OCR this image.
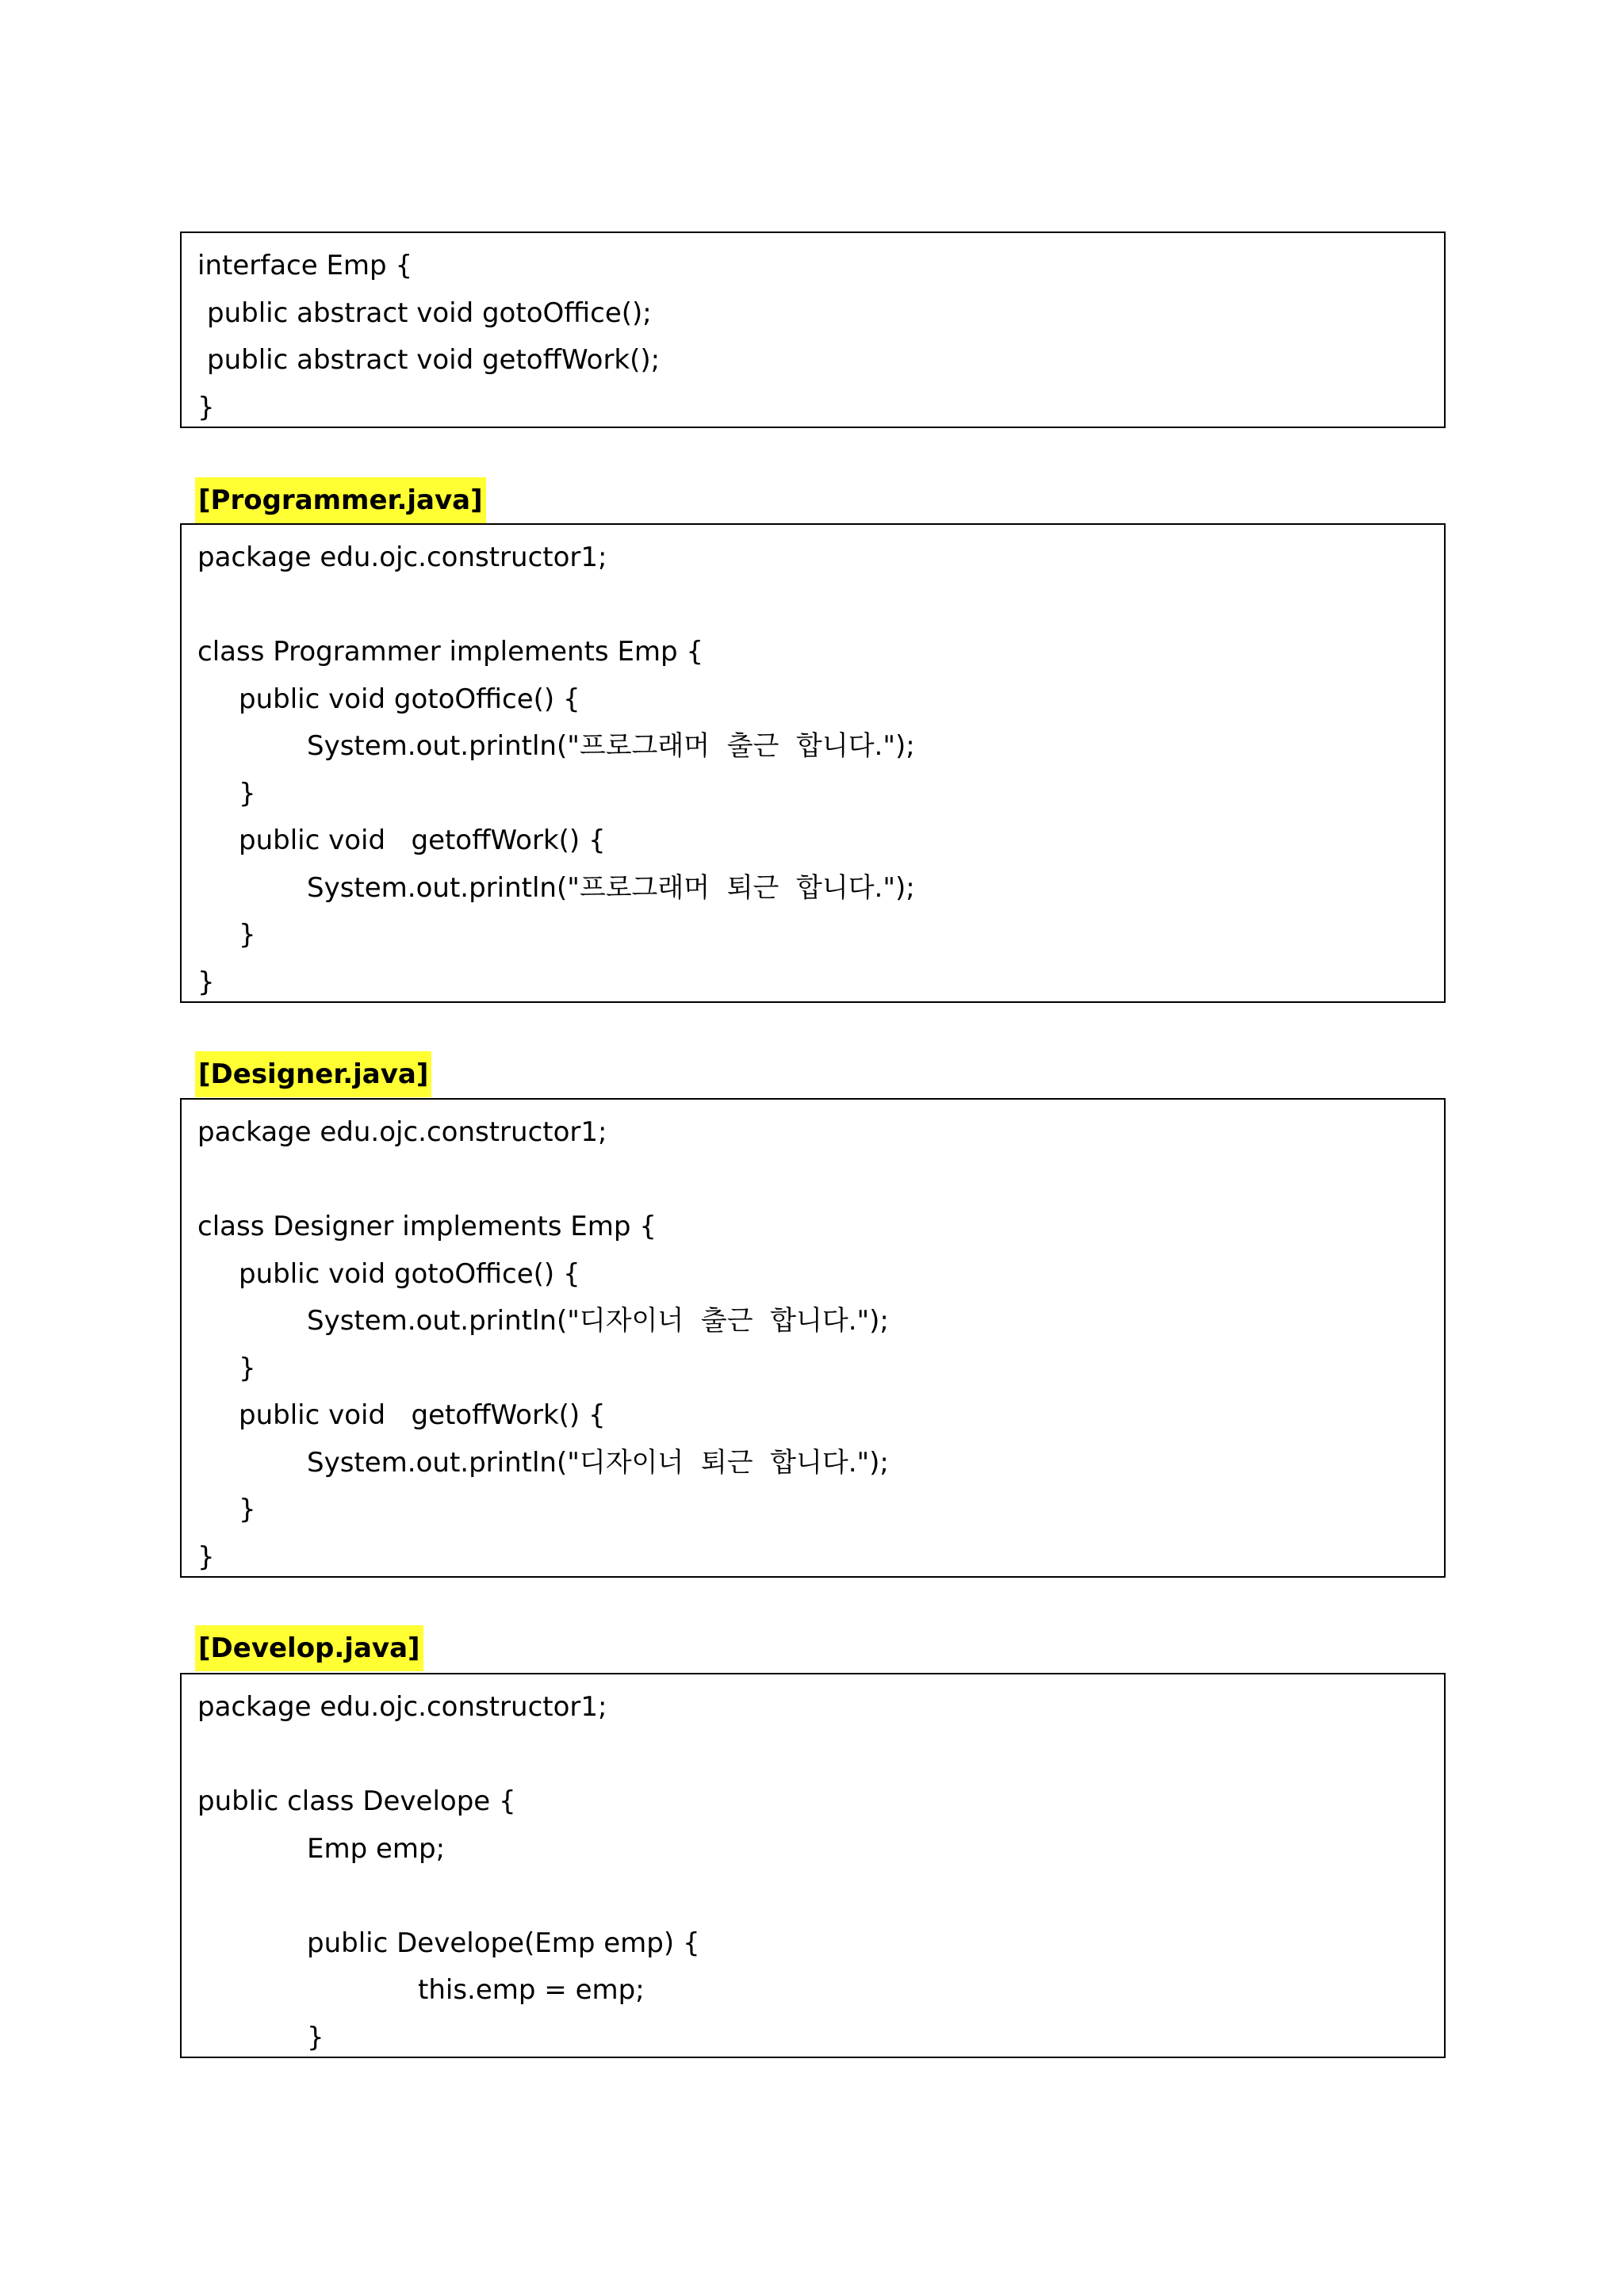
interface Emp {
public abstract void gotoOffice();
public abstract void getoffWork();
}
[Programmer.java]
package edu.ojc.constructor1;
class Programmer implements Emp {
public void gotoOffice() {
System.out.println("프로그래머  출근  합니다.");
}
public void   getoffWork() {
System.out.println("프로그래머  퇴근  합니다.");
}
}
[Designer.java]
package edu.ojc.constructor1;
class Designer implements Emp {
public void gotoOffice() {
System.out.println("디자이너  출근  합니다.");
}
public void   getoffWork() {
System.out.println("디자이너  퇴근  합니다.");
}
}
[Develop.java]
package edu.ojc.constructor1;
public class Develope {
Emp emp;
public Develope(Emp emp) {
this.emp = emp;
}
